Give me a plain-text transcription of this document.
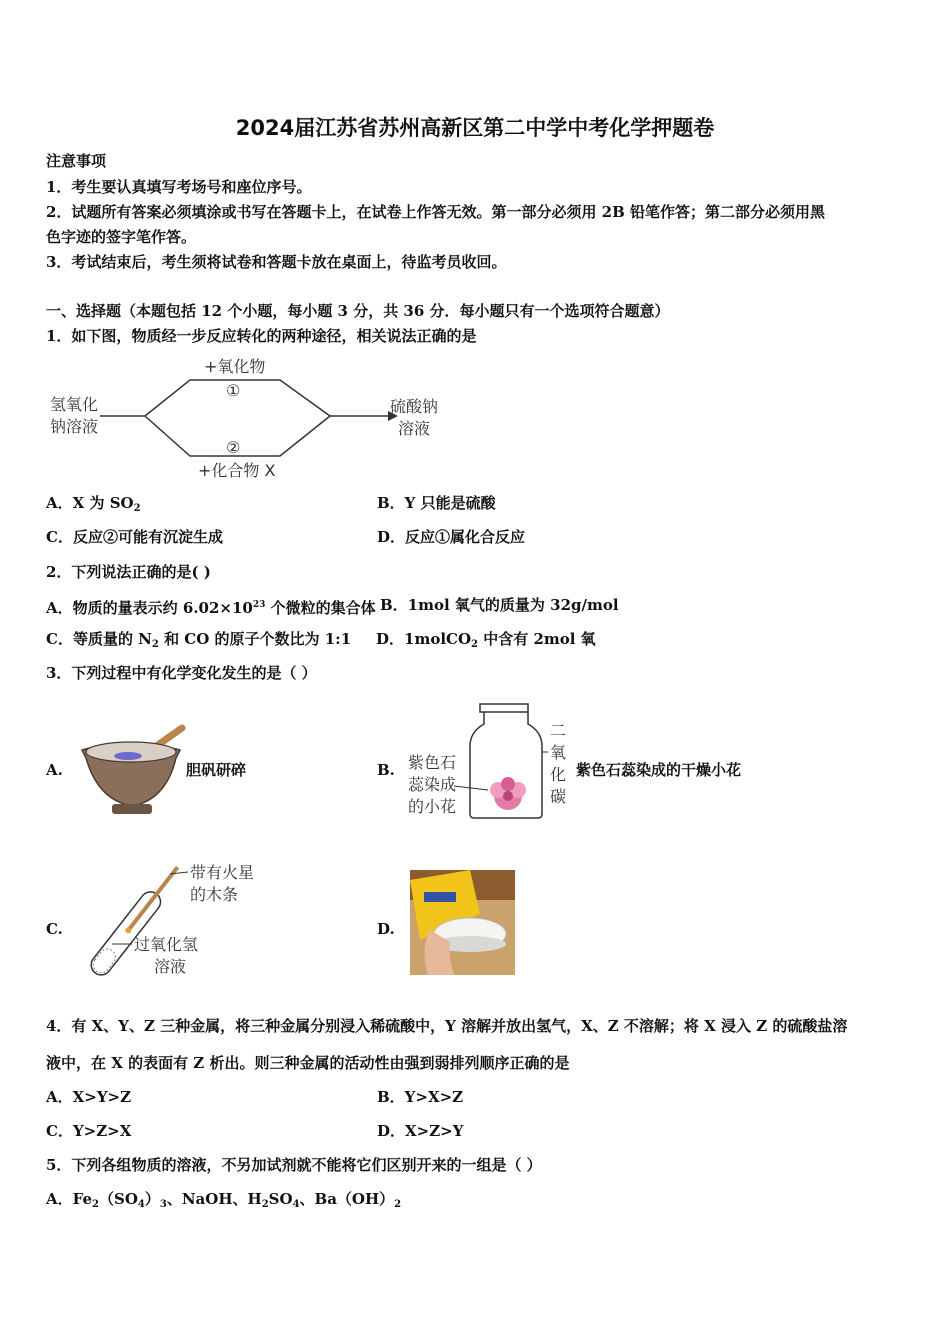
2024届江苏省苏州高新区第二中学中考化学押题卷
注意事项
1．考生要认真填写考场号和座位序号。
2．试题所有答案必须填涂或书写在答题卡上，在试卷上作答无效。第一部分必须用 2B 铅笔作答；第二部分必须用黑
色字迹的签字笔作答。
3．考试结束后，考生须将试卷和答题卡放在桌面上，待监考员收回。
一、选择题（本题包括 12 个小题，每小题 3 分，共 36 分．每小题只有一个选项符合题意）
1．如下图，物质经一步反应转化的两种途径，相关说法正确的是
氢氧化
钠溶液
+氧化物
①
②
+化合物 X
硫酸钠
溶液
A．X 为 $SO_2$	B．Y 只能是硫酸
C．反应②可能有沉淀生成	D．反应①属化合反应
2．下列说法正确的是( )
A．物质的量表示约 $6.02\times 10^{23}$ 个微粒的集合体 B．1mol 氧气的质量为 32g/mol
C．等质量的 $N_2$ 和 CO 的原子个数比为 1:1 D．1molCO$_2$ 中含有 2mol 氧
3．下列过程中有化学变化发生的是（ ）
A.	胆矾研碎	B. 紫色石
蕊染成
的小花
二
氧
化
碳
紫色石蕊染成的干燥小花
C.
带有火星
的木条
过氧化氢
溶液
D.
4．有 X、Y、Z 三种金属，将三种金属分别浸入稀硫酸中，Y 溶解并放出氢气，X、Z 不溶解；将 X 浸入 Z 的硫酸盐溶
液中，在 X 的表面有 Z 析出。则三种金属的活动性由强到弱排列顺序正确的是
A．X>Y>Z	B．Y>X>Z
C．Y>Z>X	D．X>Z>Y
5．下列各组物质的溶液，不另加试剂就不能将它们区别开来的一组是（ ）
A．$Fe_2(SO_4)_3$、NaOH、$H_2SO_4$、$Ba(OH)_2$
